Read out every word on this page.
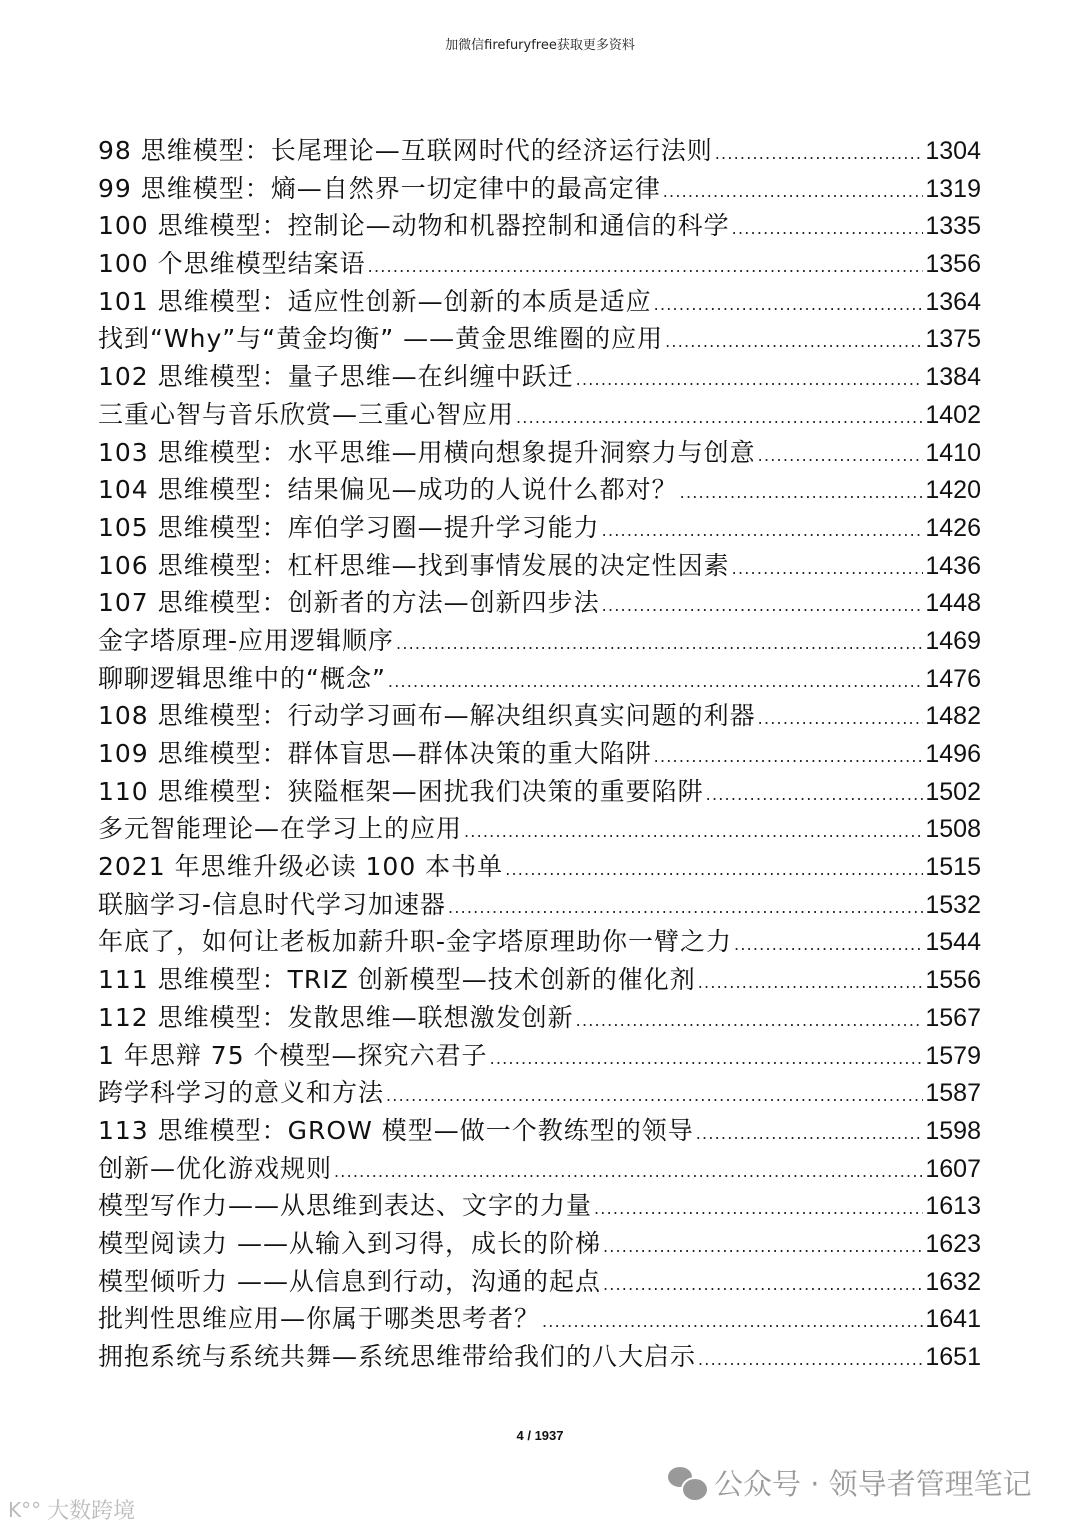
加微信firefuryfree获取更多资料
98 思维模型：长尾理论—互联网时代的经济运行法则 .....	1304
99 思维模型：熵—自然界一切定律中的最高定律 .....	1319
100 思维模型：控制论—动物和机器控制和通信的科学 .....	1335
100 个思维模型结案语 .....	1356
101 思维模型：适应性创新—创新的本质是适应 .....	1364
找到“Why”与“黄金均衡” ——黄金思维圈的应用 .....	1375
102 思维模型：量子思维—在纠缠中跃迁 .....	1384
三重心智与音乐欣赏—三重心智应用 .....	1402
103 思维模型：水平思维—用横向想象提升洞察力与创意 .....	1410
104 思维模型：结果偏见—成功的人说什么都对？ .....	1420
105 思维模型：库伯学习圈—提升学习能力 .....	1426
106 思维模型：杠杆思维—找到事情发展的决定性因素 .....	1436
107 思维模型：创新者的方法—创新四步法 .....	1448
金字塔原理-应用逻辑顺序 .....	1469
聊聊逻辑思维中的“概念” .....	1476
108 思维模型：行动学习画布—解决组织真实问题的利器 .....	1482
109 思维模型：群体盲思—群体决策的重大陷阱 .....	1496
110 思维模型：狭隘框架—困扰我们决策的重要陷阱 .....	1502
多元智能理论—在学习上的应用 .....	1508
2021 年思维升级必读 100 本书单 .....	1515
联脑学习-信息时代学习加速器 .....	1532
年底了，如何让老板加薪升职-金字塔原理助你一臂之力 .....	1544
111 思维模型：TRIZ 创新模型—技术创新的催化剂 .....	1556
112 思维模型：发散思维—联想激发创新 .....	1567
1 年思辩 75 个模型—探究六君子 .....	1579
跨学科学习的意义和方法 .....	1587
113 思维模型：GROW 模型—做一个教练型的领导 .....	1598
创新—优化游戏规则 .....	1607
模型写作力——从思维到表达、文字的力量 .....	1613
模型阅读力 ——从输入到习得，成长的阶梯 .....	1623
模型倾听力 ——从信息到行动，沟通的起点 .....	1632
批判性思维应用—你属于哪类思考者？ .....	1641
拥抱系统与系统共舞—系统思维带给我们的八大启示 .....	1651
4 / 1937
公众号 · 领导者管理笔记
K°° 大数跨境
